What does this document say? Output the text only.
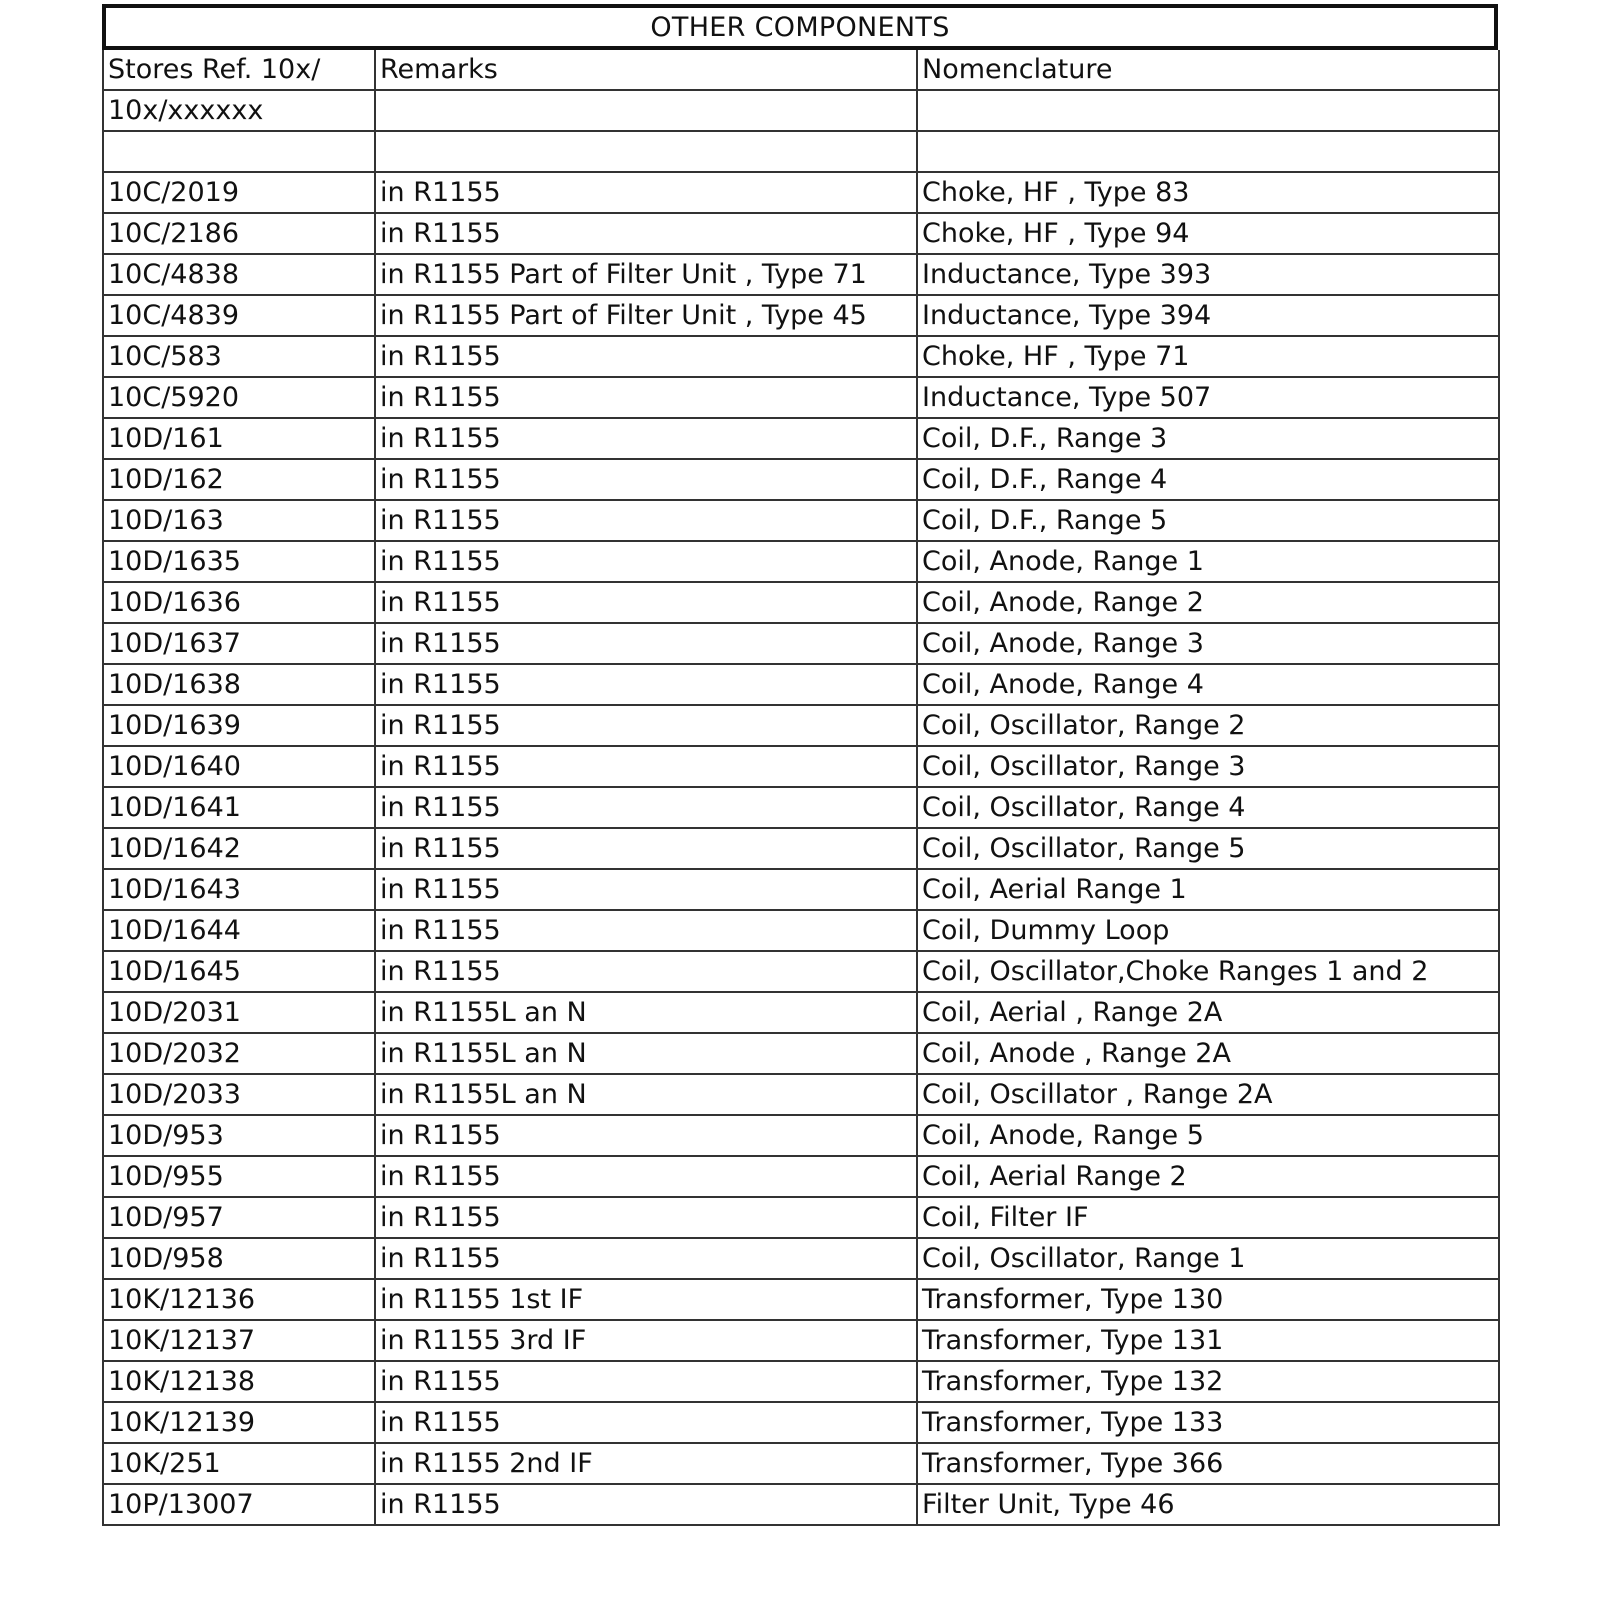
OTHER COMPONENTS
Stores Ref. 10x/	Remarks	Nomenclature
10x/xxxxxx		

10C/2019	in R1155	Choke, HF , Type 83
10C/2186	in R1155	Choke, HF , Type 94
10C/4838	in R1155 Part of Filter Unit , Type 71	Inductance, Type 393
10C/4839	in R1155 Part of Filter Unit , Type 45	Inductance, Type 394
10C/583	in R1155	Choke, HF , Type 71
10C/5920	in R1155	Inductance, Type 507
10D/161	in R1155	Coil, D.F., Range 3
10D/162	in R1155	Coil, D.F., Range 4
10D/163	in R1155	Coil, D.F., Range 5
10D/1635	in R1155	Coil, Anode, Range 1
10D/1636	in R1155	Coil, Anode, Range 2
10D/1637	in R1155	Coil, Anode, Range 3
10D/1638	in R1155	Coil, Anode, Range 4
10D/1639	in R1155	Coil, Oscillator, Range 2
10D/1640	in R1155	Coil, Oscillator, Range 3
10D/1641	in R1155	Coil, Oscillator, Range 4
10D/1642	in R1155	Coil, Oscillator, Range 5
10D/1643	in R1155	Coil, Aerial Range 1
10D/1644	in R1155	Coil, Dummy Loop
10D/1645	in R1155	Coil, Oscillator,Choke Ranges 1 and 2
10D/2031	in R1155L an N	Coil, Aerial , Range 2A
10D/2032	in R1155L an N	Coil, Anode , Range 2A
10D/2033	in R1155L an N	Coil, Oscillator , Range 2A
10D/953	in R1155	Coil, Anode, Range 5
10D/955	in R1155	Coil, Aerial Range 2
10D/957	in R1155	Coil, Filter IF
10D/958	in R1155	Coil, Oscillator, Range 1
10K/12136	in R1155 1st IF	Transformer, Type 130
10K/12137	in R1155 3rd IF	Transformer, Type 131
10K/12138	in R1155	Transformer, Type 132
10K/12139	in R1155	Transformer, Type 133
10K/251	in R1155 2nd IF	Transformer, Type 366
10P/13007	in R1155	Filter Unit, Type 46
